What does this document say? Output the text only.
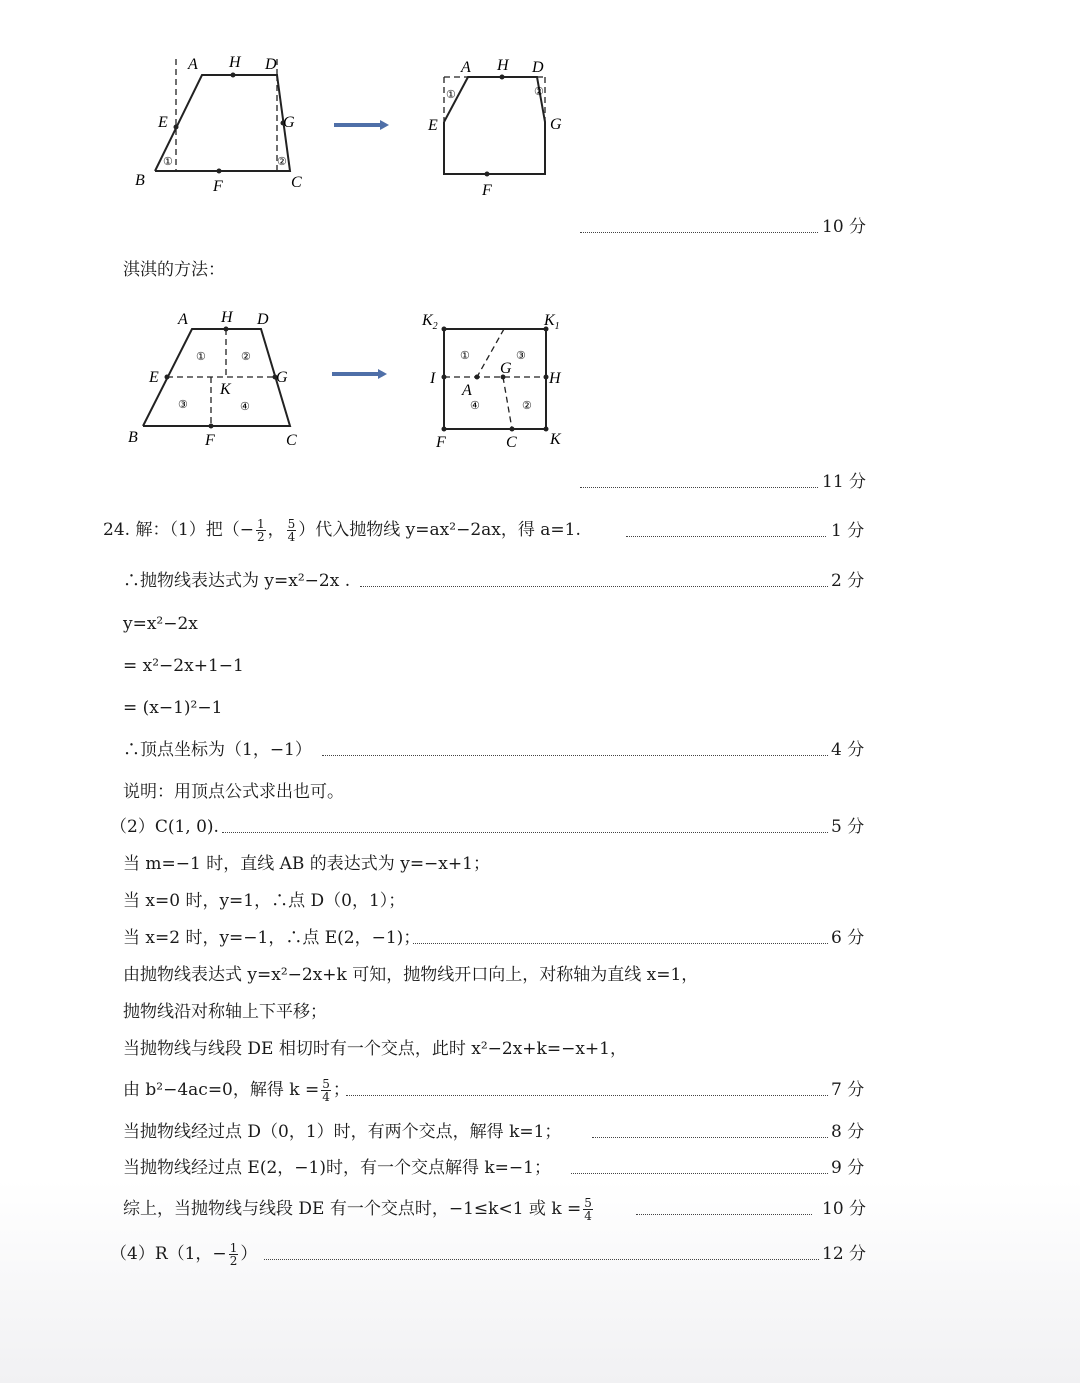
A H D
E	G
B	F	C
①	②
A H D
E	G
F
①	②
10 分
淇淇的方法：
A H D
E	G
K
B	F	C
①	②
③	④
$K_2$	$K_1$
I	H
A
G
F	C K
①	③
④	②
11 分
24. 解：（1）把（− $\frac{1}{2}$ ， $\frac{5}{4}$ ）代入抛物线 y=ax²−2ax，得 a=1.	1 分
∴抛物线表达式为 y=x²−2x .	2 分
y=x²−2x
= x²−2x+1−1
= (x−1)²−1
∴顶点坐标为（1，−1）	4 分
说明：用顶点公式求出也可。
（2）C(1, 0).	5 分
当 m=−1 时，直线 AB 的表达式为 y=−x+1；
当 x=0 时，y=1，∴点 D（0，1）；
当 x=2 时，y=−1，∴点 E(2，−1)；	6 分
由抛物线表达式 y=x²−2x+k 可知，抛物线开口向上，对称轴为直线 x=1，
抛物线沿对称轴上下平移；
当抛物线与线段 DE 相切时有一个交点，此时 x²−2x+k=−x+1，
由 b²−4ac=0，解得 $k = \frac{5}{4}$ ；	7 分
当抛物线经过点 D（0，1）时，有两个交点，解得 k=1；	8 分
当抛物线经过点 E(2，−1)时，有一个交点解得 k=−1；	9 分
综上，当抛物线与线段 DE 有一个交点时，−1≤k<1 或 $k = \frac{5}{4}$	10 分
（4）R（1，− $\frac{1}{2}$ ）	12 分
